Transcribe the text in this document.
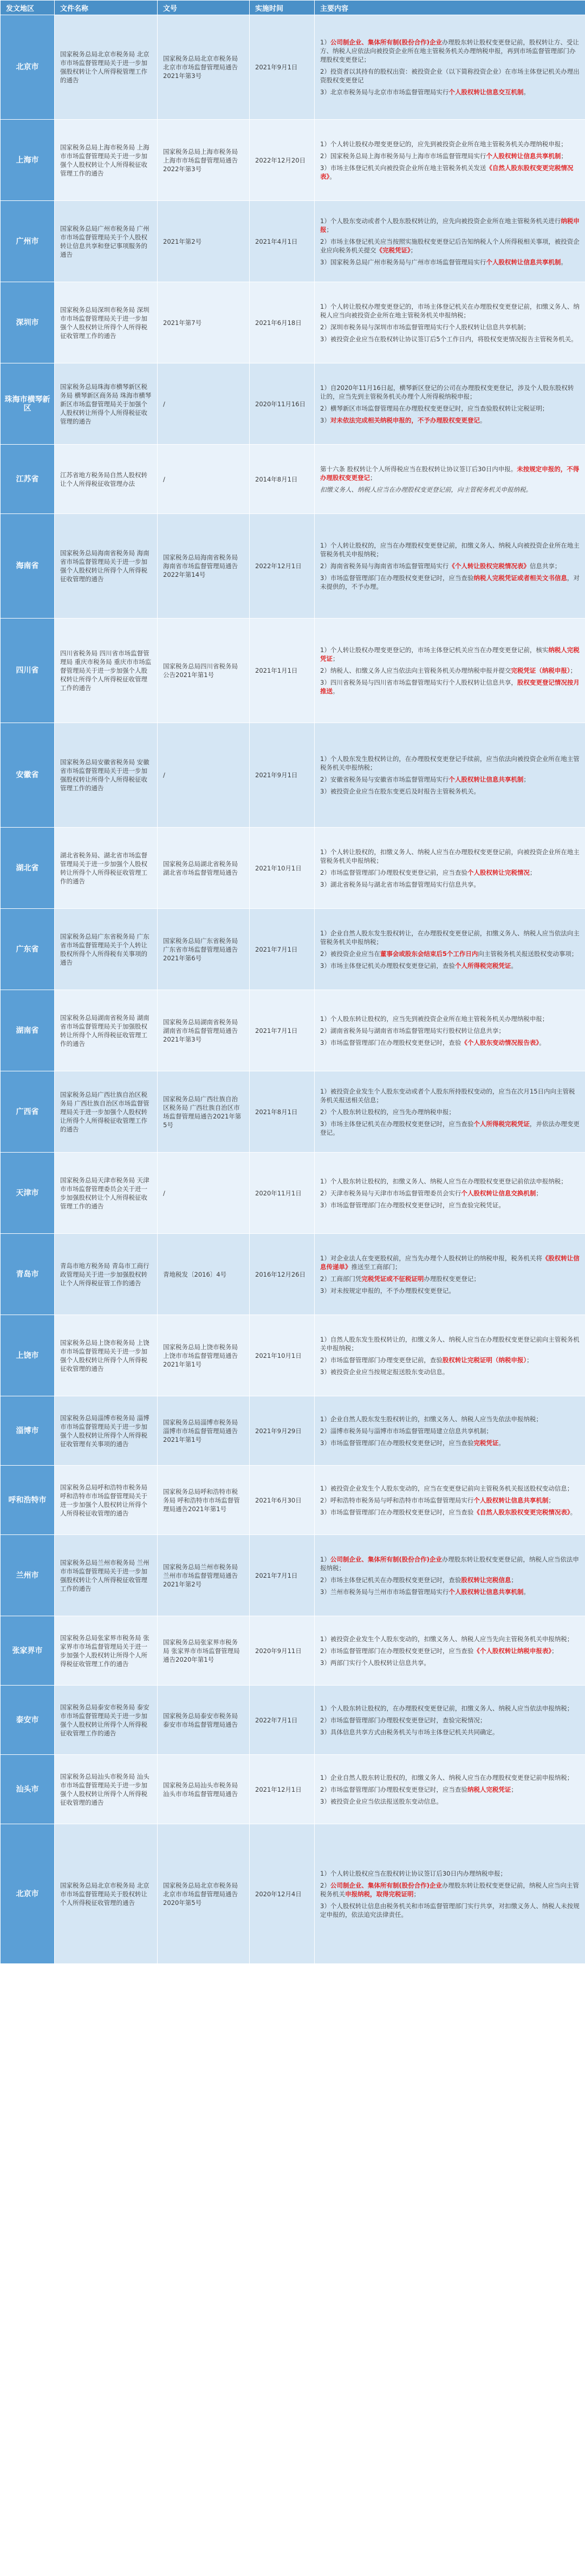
发文地区	文件名称	文号	实施时间	主要内容
北京市	国家税务总局北京市税务局 北京市市场监督管理局关于进一步加强股权转让个人所得税管理工作的通告	国家税务总局北京市税务局 北京市市场监督管理局通告2021年第3号	2021年9月1日	1）公司制企业、集体所有制(股份合作)企业办理股东转让股权变更登记前，股权转让方、受让方、纳税人应依法向被投资企业所在地主管税务机关办理纳税申报，再到市场监督管理部门办理股权变更登记；
2）投资者以其持有的股权出资：被投资企业（以下简称投资企业）在市场主体登记机关办理出资股权变更登记
3）北京市税务局与北京市市场监督管理局实行个人股权转让信息交互机制。

上海市	国家税务总局上海市税务局 上海市市场监督管理局关于进一步加强个人股权转让个人所得税征收管理工作的通告	国家税务总局上海市税务局 上海市市场监督管理局通告2022年第3号	2022年12月20日	1）个人转让股权办理变更登记的，应先到被投资企业所在地主管税务机关办理纳税申报；
2）国家税务总局上海市税务局与上海市市场监督管理局实行个人股权转让信息共享机制；
3）市场主体登记机关向被投资企业所在地主管税务机关发送《自然人股东股权变更完税情况表》。

广州市	国家税务总局广州市税务局 广州市市场监督管理局关于个人股权转让信息共享和登记事项服务的通告	2021年第2号	2021年4月1日	1）个人股东变动或者个人股东股权转让的，应先向被投资企业所在地主管税务机关进行纳税申报；
2）市场主体登记机关应当按照实施股权变更登记后告知纳税人个人所得税相关事项，被投资企业应向税务机关提交《完税凭证》；
3）国家税务总局广州市税务局与广州市市场监督管理局实行个人股权转让信息共享机制。

深圳市	国家税务总局深圳市税务局 深圳市市场监督管理局关于进一步加强个人股权转让所得个人所得税征收管理工作的通告	2021年第7号	2021年6月18日	1）个人转让股权办理变更登记的，市场主体登记机关在办理股权变更登记前，扣缴义务人、纳税人应当向被投资企业所在地主管税务机关申报纳税；
2）深圳市税务局与深圳市市场监督管理局实行个人股权转让信息共享机制；
3）被投资企业应当在股权转让协议签订后5个工作日内，将股权变更情况报告主管税务机关。

珠海市横琴新区	国家税务总局珠海市横琴新区税务局 横琴新区商务局 珠海市横琴新区市场监督管理局关于加强个人股权转让所得个人所得税征收管理的通告	/	2020年11月16日	1）自2020年11月16日起，横琴新区登记的公司在办理股权变更登记，涉及个人股东股权转让的，应当先到主管税务机关办理个人所得税纳税申报；
2）横琴新区市场监督管理局在办理股权变更登记时，应当查验股权转让完税证明；
3）对未依法完成相关纳税申报的，不予办理股权变更登记。

江苏省	江苏省地方税务局自然人股权转让个人所得税征收管理办法	/	2014年8月1日	第十六条 股权转让个人所得税应当在股权转让协议签订后30日内申报。未按规定申报的，不得办理股权变更登记；
扣缴义务人、纳税人应当在办理股权变更登记前，向主管税务机关申报纳税。

海南省	国家税务总局海南省税务局 海南省市场监督管理局关于进一步加强个人股权转让所得个人所得税征收管理的通告	国家税务总局海南省税务局 海南省市场监督管理局通告2022年第14号	2022年12月1日	1）个人转让股权的，应当在办理股权变更登记前，扣缴义务人、纳税人向被投资企业所在地主管税务机关申报纳税；
2）海南省税务局与海南省市场监督管理局实行《个人转让股权完税情况表》信息共享；
3）市场监督管理部门在办理股权变更登记时，应当查验纳税人完税凭证或者相关文书信息，对未提供的，不予办理。

四川省	四川省税务局 四川省市场监督管理局 重庆市税务局 重庆市市场监督管理局关于进一步加强个人股权转让所得个人所得税征收管理工作的通告	国家税务总局四川省税务局公告2021年第1号	2021年1月1日	1）个人转让股权办理变更登记的，市场主体登记机关应当在办理变更登记前，核实纳税人完税凭证；
2）纳税人、扣缴义务人应当依法向主管税务机关办理纳税申报并提交完税凭证（纳税申报）；
3）四川省税务局与四川省市场监督管理局实行个人股权转让信息共享，股权变更登记情况按月推送。

安徽省	国家税务总局安徽省税务局 安徽省市场监督管理局关于进一步加强股权转让所得个人所得税征收管理工作的通告	/	2021年9月1日	1）个人股东发生股权转让的，在办理股权变更登记手续前，应当依法向被投资企业所在地主管税务机关申报纳税；
2）安徽省税务局与安徽省市场监督管理局实行个人股权转让信息共享机制；
3）被投资企业应当在股东变更后及时报告主管税务机关。

湖北省	湖北省税务局、湖北省市场监督管理局关于进一步加强个人股权转让所得个人所得税征收管理工作的通告	国家税务总局湖北省税务局 湖北省市场监督管理局通告	2021年10月1日	1）个人转让股权的，扣缴义务人、纳税人应当在办理股权变更登记前，向被投资企业所在地主管税务机关申报纳税；
2）市场监督管理部门办理股权变更登记前，应当查验个人股权转让完税情况；
3）湖北省税务局与湖北省市场监督管理局实行信息共享。

广东省	国家税务总局广东省税务局 广东省市场监督管理局关于个人转让股权所得个人所得税有关事项的通告	国家税务总局广东省税务局 广东省市场监督管理局通告2021年第6号	2021年7月1日	1）企业自然人股东发生股权转让，在办理股权变更登记前，扣缴义务人、纳税人应当依法向主管税务机关申报纳税；
2）被投资企业应当在董事会或股东会结束后5个工作日内向主管税务机关报送股权变动事项；
3）市场主体登记机关办理股权变更登记前，查验个人所得税完税凭证。

湖南省	国家税务总局湖南省税务局 湖南省市场监督管理局关于加强股权转让所得个人所得税征收管理工作的通告	国家税务总局湖南省税务局 湖南省市场监督管理局通告2021年第3号	2021年7月1日	1）个人股东转让股权的，应当先到被投资企业所在地主管税务机关办理纳税申报；
2）湖南省税务局与湖南省市场监督管理局实行股权转让信息共享；
3）市场监督管理部门在办理股权变更登记时，查验《个人股东变动情况报告表》。

广西省	国家税务总局广西壮族自治区税务局 广西壮族自治区市场监督管理局关于进一步加强个人股权转让所得个人所得税征收管理工作的通告	国家税务总局广西壮族自治区税务局 广西壮族自治区市场监督管理局通告2021年第5号	2021年8月1日	1）被投资企业发生个人股东变动或者个人股东所持股权变动的，应当在次月15日内向主管税务机关报送相关信息；
2）个人股东转让股权的，应当先办理纳税申报；
3）市场主体登记机关在办理股权变更登记时，应当查验个人所得税完税凭证，并依法办理变更登记。

天津市	国家税务总局天津市税务局 天津市市场监督管理委员会关于进一步加强股权转让个人所得税征收管理工作的通告	/	2020年11月1日	1）个人股东转让股权的，扣缴义务人、纳税人应当在办理股权变更登记前依法申报纳税；
2）天津市税务局与天津市市场监督管理委员会实行个人股权转让信息交换机制；
3）市场监督管理部门在办理股权变更登记时，应当查验完税凭证。

青岛市	青岛市地方税务局 青岛市工商行政管理局关于进一步加强股权转让个人所得税征管工作的通告	青地税发〔2016〕4号	2016年12月26日	1）对企业法人在变更股权前，应当先办理个人股权转让的纳税申报，税务机关将《股权转让信息传递单》推送至工商部门；
2）工商部门凭完税凭证或不征税证明办理股权变更登记；
3）对未按规定申报的，不予办理股权变更登记。

上饶市	国家税务总局上饶市税务局 上饶市市场监督管理局关于进一步加强个人股权转让所得个人所得税征收管理的通告	国家税务总局上饶市税务局 上饶市市场监督管理局通告2021年第1号	2021年10月1日	1）自然人股东发生股权转让的，扣缴义务人、纳税人应当在办理股权变更登记前向主管税务机关申报纳税；
2）市场监督管理部门办理变更登记前，查验股权转让完税证明（纳税申报）；
3）被投资企业应当按规定报送股东变动信息。

淄博市	国家税务总局淄博市税务局 淄博市市场监督管理局关于进一步加强个人股权转让所得个人所得税征收管理有关事项的通告	国家税务总局淄博市税务局 淄博市市场监督管理局通告2021年第1号	2021年9月29日	1）企业自然人股东发生股权转让的，扣缴义务人、纳税人应当先依法申报纳税；
2）淄博市税务局与淄博市市场监督管理局建立信息共享机制；
3）市场监督管理部门在办理股权变更登记时，应当查验完税凭证。

呼和浩特市	国家税务总局呼和浩特市税务局 呼和浩特市市场监督管理局关于进一步加强个人股权转让所得个人所得税征收管理的通告	国家税务总局呼和浩特市税务局 呼和浩特市市场监督管理局通告2021年第1号	2021年6月30日	1）被投资企业发生个人股东变动的，应当在变更登记前向主管税务机关报送股权变动信息；
2）呼和浩特市税务局与呼和浩特市市场监督管理局实行个人股权转让信息共享机制；
3）市场监督管理部门在办理股权变更登记时，应当查验《自然人股东股权变更完税情况表》。

兰州市	国家税务总局兰州市税务局 兰州市市场监督管理局关于进一步加强股权转让个人所得税征收管理工作的通告	国家税务总局兰州市税务局 兰州市市场监督管理局通告2021年第2号	2021年7月1日	1）公司制企业、集体所有制(股份合作)企业办理股东转让股权变更登记前，纳税人应当依法申报纳税；
2）市场主体登记机关在办理股权变更登记时，查验股权转让完税信息；
3）兰州市税务局与兰州市市场监督管理局实行个人股权转让信息共享机制。

张家界市	国家税务总局张家界市税务局 张家界市市场监督管理局关于进一步加强个人股权转让所得个人所得税征收管理工作的通告	国家税务总局张家界市税务局 张家界市市场监督管理局通告2020年第1号	2020年9月11日	1）被投资企业发生个人股东变动的，扣缴义务人、纳税人应当先向主管税务机关申报纳税；
2）市场监督管理部门在办理股权变更登记时，应当查验《个人股权转让纳税申报表》；
3）两部门实行个人股权转让信息共享。

泰安市	国家税务总局泰安市税务局 泰安市市场监督管理局关于进一步加强个人股权转让所得个人所得税征收管理工作的通告	国家税务总局泰安市税务局 泰安市市场监督管理局通告	2022年7月1日	1）个人股东转让股权的，在办理股权变更登记前，扣缴义务人、纳税人应当依法申报纳税；
2）市场监督管理部门办理股权变更登记时，查验完税情况；
3）具体信息共享方式由税务机关与市场主体登记机关共同确定。

汕头市	国家税务总局汕头市税务局 汕头市市场监督管理局关于进一步加强个人股权转让所得个人所得税征收管理的通告	国家税务总局汕头市税务局 汕头市市场监督管理局通告	2021年12月1日	1）企业自然人股东转让股权的，扣缴义务人、纳税人应当在办理股权变更登记前申报纳税；
2）市场监督管理部门办理股权变更登记时，应当查验纳税人完税凭证；
3）被投资企业应当依法报送股东变动信息。

北京市	国家税务总局北京市税务局 北京市市场监督管理局关于股权转让个人所得税征收管理的通告	国家税务总局北京市税务局 北京市市场监督管理局通告2020年第5号	2020年12月4日	1）个人转让股权应当在股权转让协议签订后30日内办理纳税申报；
2）公司制企业、集体所有制(股份合作)企业办理股东转让股权变更登记前，纳税人应当向主管税务机关申报纳税，取得完税证明；
3）个人股权转让信息由税务机关和市场监督管理部门实行共享，对扣缴义务人、纳税人未按规定申报的，依法追究法律责任。
